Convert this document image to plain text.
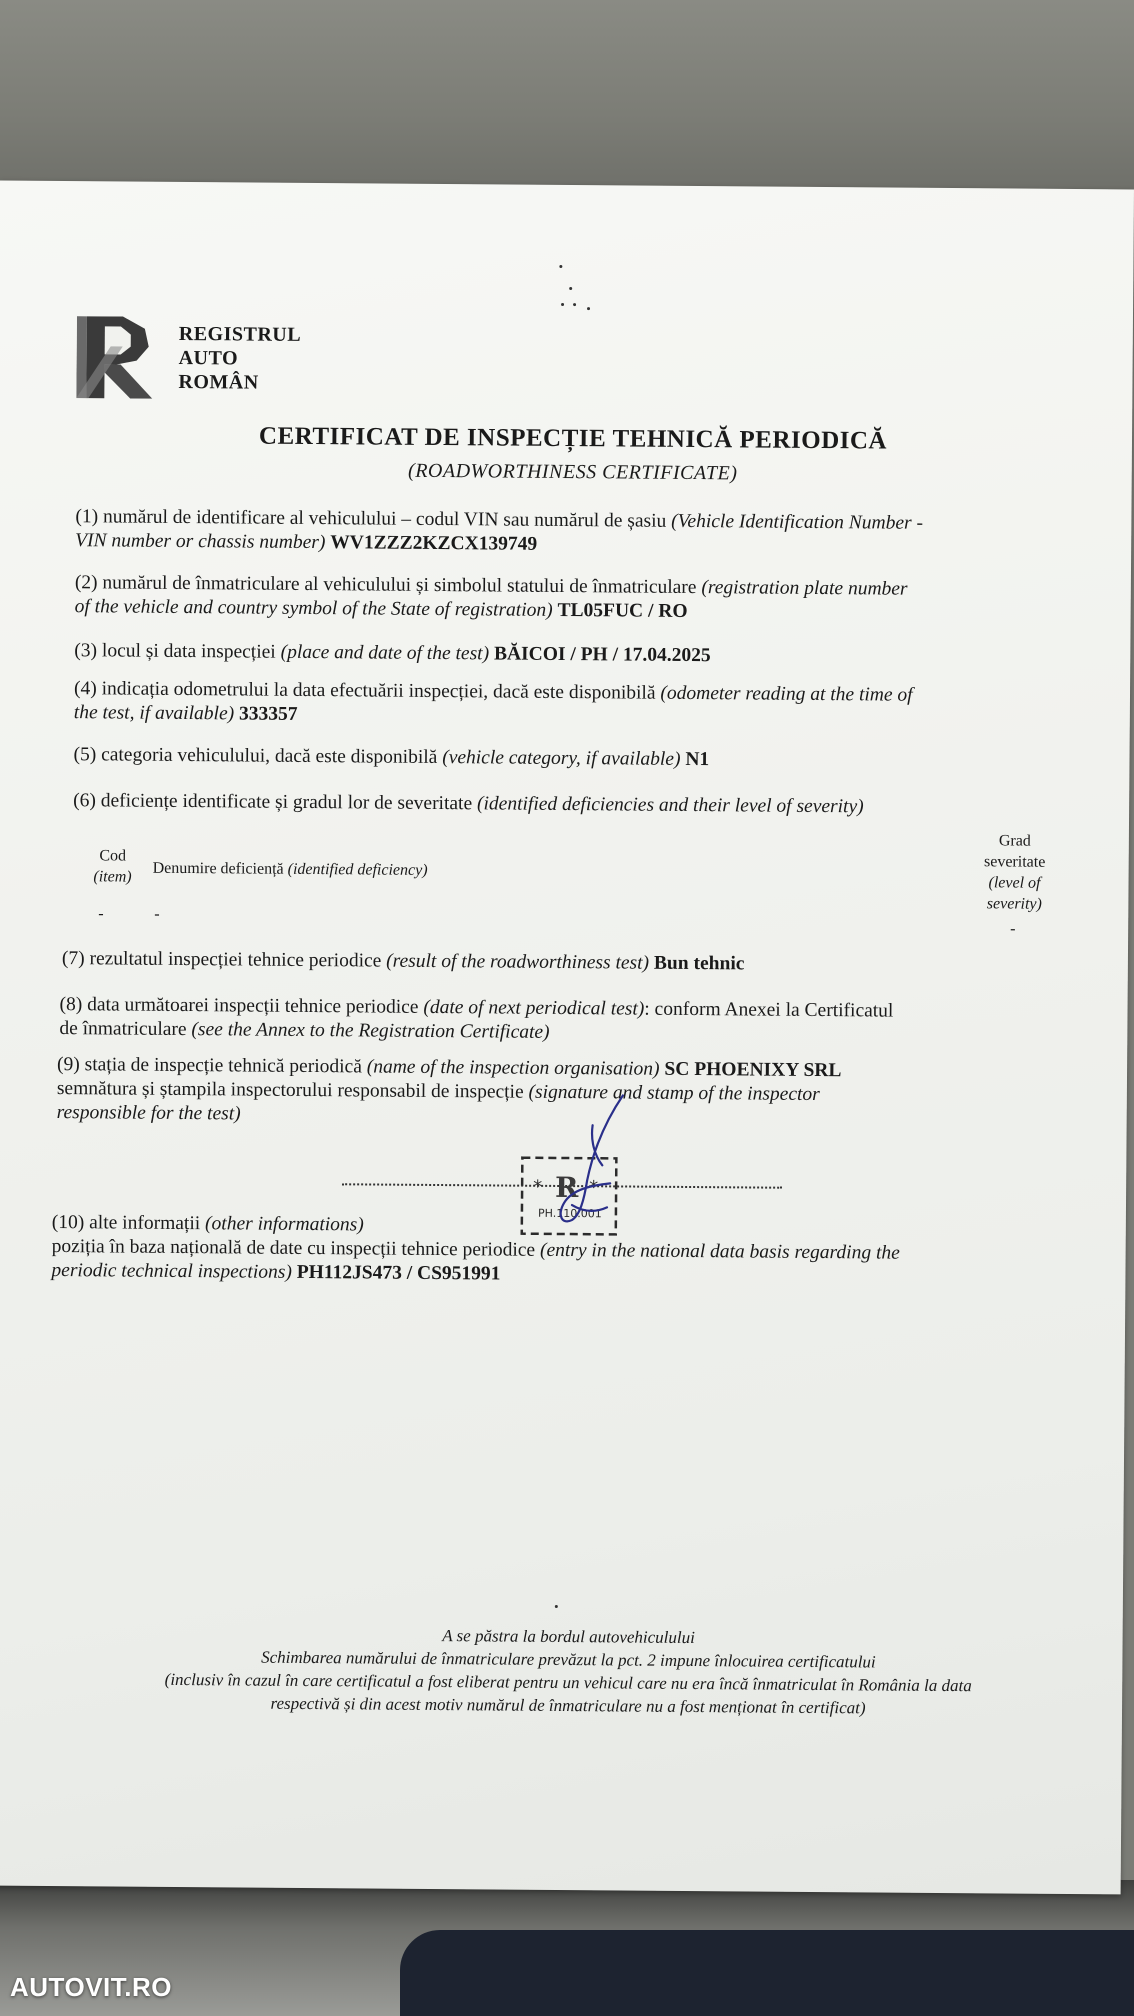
REGISTRUL
AUTO
ROMÂN
CERTIFICAT DE INSPECȚIE TEHNICĂ PERIODICĂ
(ROADWORTHINESS CERTIFICATE)
(1) numărul de identificare al vehiculului – codul VIN sau numărul de șasiu (Vehicle Identification Number -
VIN number or chassis number) WV1ZZZ2KZCX139749
(2) numărul de înmatriculare al vehiculului și simbolul statului de înmatriculare (registration plate number
of the vehicle and country symbol of the State of registration) TL05FUC / RO
(3) locul și data inspecției (place and date of the test) BĂICOI / PH / 17.04.2025
(4) indicația odometrului la data efectuării inspecției, dacă este disponibilă (odometer reading at the time of
the test, if available) 333357
(5) categoria vehiculului, dacă este disponibilă (vehicle category, if available) N1
(6) deficiențe identificate și gradul lor de severitate (identified deficiencies and their level of severity)
Cod
(item)	Denumire deficiență (identified deficiency)
Grad
severitate
(level of
severity)
-	-
-
(7) rezultatul inspecției tehnice periodice (result of the roadworthiness test) Bun tehnic
(8) data următoarei inspecții tehnice periodice (date of next periodical test): conform Anexei la Certificatul
de înmatriculare (see the Annex to the Registration Certificate)
(9) stația de inspecție tehnică periodică (name of the inspection organisation) SC PHOENIXY SRL
semnătura și ștampila inspectorului responsabil de inspecție (signature and stamp of the inspector
responsible for the test)
* R *
PH.110.001
(10) alte informații (other informations)
poziția în baza națională de date cu inspecții tehnice periodice (entry in the national data basis regarding the
periodic technical inspections) PH112JS473 / CS951991
A se păstra la bordul autovehiculului
Schimbarea numărului de înmatriculare prevăzut la pct. 2 impune înlocuirea certificatului
(inclusiv în cazul în care certificatul a fost eliberat pentru un vehicul care nu era încă înmatriculat în România la data
respectivă și din acest motiv numărul de înmatriculare nu a fost menționat în certificat)
AUTOVIT.RO
